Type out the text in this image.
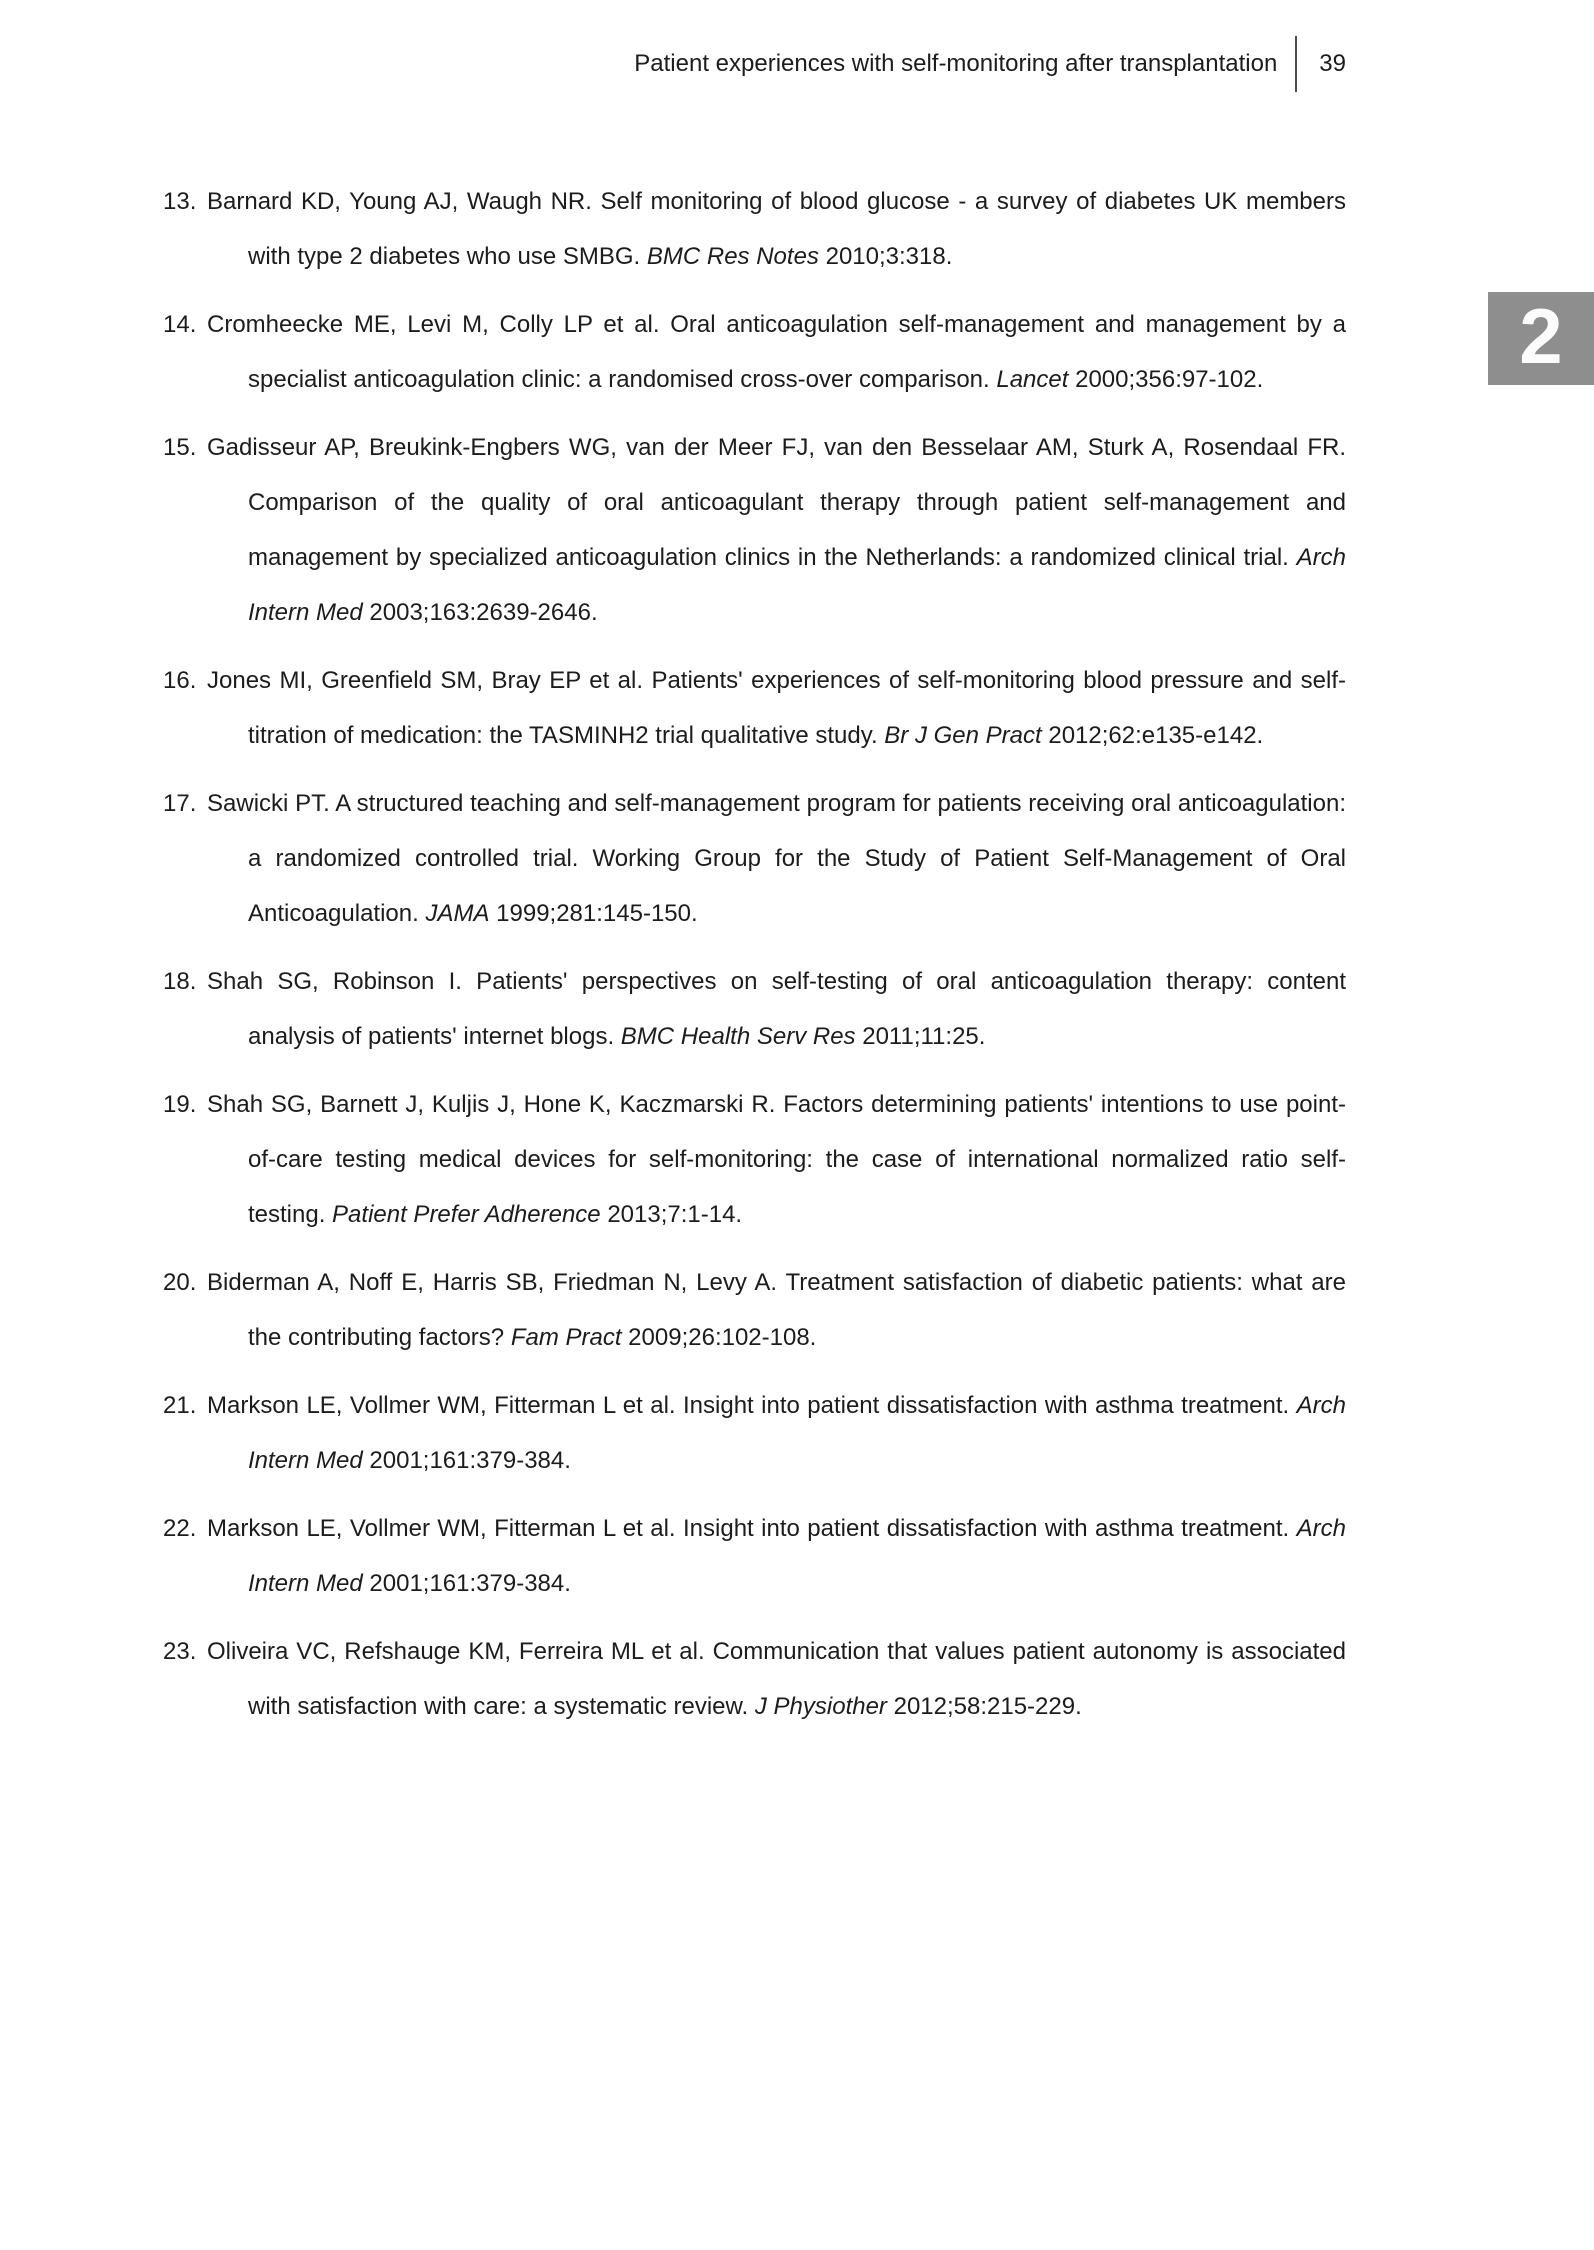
Patient experiences with self-monitoring after transplantation 39
2

13. Barnard KD, Young AJ, Waugh NR. Self monitoring of blood glucose - a survey of diabetes UK members with type 2 diabetes who use SMBG. BMC Res Notes 2010;3:318.

14. Cromheecke ME, Levi M, Colly LP et al. Oral anticoagulation self-management and management by a specialist anticoagulation clinic: a randomised cross-over comparison. Lancet 2000;356:97-102.

15. Gadisseur AP, Breukink-Engbers WG, van der Meer FJ, van den Besselaar AM, Sturk A, Rosendaal FR. Comparison of the quality of oral anticoagulant therapy through patient self-management and management by specialized anticoagulation clinics in the Netherlands: a randomized clinical trial. Arch Intern Med 2003;163:2639-2646.

16. Jones MI, Greenfield SM, Bray EP et al. Patients' experiences of self-monitoring blood pressure and self-titration of medication: the TASMINH2 trial qualitative study. Br J Gen Pract 2012;62:e135-e142.

17. Sawicki PT. A structured teaching and self-management program for patients receiving oral anticoagulation: a randomized controlled trial. Working Group for the Study of Patient Self-Management of Oral Anticoagulation. JAMA 1999;281:145-150.

18. Shah SG, Robinson I. Patients' perspectives on self-testing of oral anticoagulation therapy: content analysis of patients' internet blogs. BMC Health Serv Res 2011;11:25.

19. Shah SG, Barnett J, Kuljis J, Hone K, Kaczmarski R. Factors determining patients' intentions to use point-of-care testing medical devices for self-monitoring: the case of international normalized ratio self-testing. Patient Prefer Adherence 2013;7:1-14.

20. Biderman A, Noff E, Harris SB, Friedman N, Levy A. Treatment satisfaction of diabetic patients: what are the contributing factors? Fam Pract 2009;26:102-108.

21. Markson LE, Vollmer WM, Fitterman L et al. Insight into patient dissatisfaction with asthma treatment. Arch Intern Med 2001;161:379-384.

22. Markson LE, Vollmer WM, Fitterman L et al. Insight into patient dissatisfaction with asthma treatment. Arch Intern Med 2001;161:379-384.

23. Oliveira VC, Refshauge KM, Ferreira ML et al. Communication that values patient autonomy is associated with satisfaction with care: a systematic review. J Physiother 2012;58:215-229.
